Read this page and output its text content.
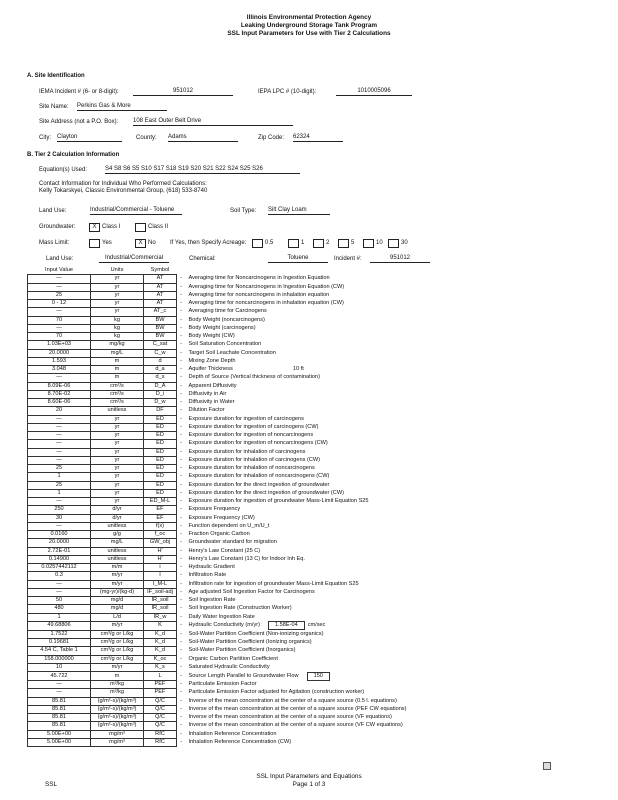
Illinois Environmental Protection Agency
Leaking Underground Storage Tank Program
SSL Input Parameters for Use with Tier 2 Calculations
A. Site Identification
IEMA Incident # (6- or 8-digit):	951012	IEPA LPC # (10-digit):	1010005096
Site Name: Perkins Gas & More
Site Address (not a P.O. Box): 108 East Outer Belt Drive
City: Clayton	County: Adams	Zip Code: 62324
B. Tier 2 Calculation Information
Equation(s) Used:	S4 S8 S6 S5 S10 S17 S18 S19 S20 S21 S22 S24 S25 S26
Contact Information for Individual Who Performed Calculations:
Kelly Tokarskyei, Classic Environmental Group, (618) 533-8740
Land Use:	Industrial/Commercial - Toluene	Soil Type: Silt Clay Loam
Groundwater:	X Class I	Class II
Mass Limit:	Yes	X No If Yes, then Specify Acreage:	0.5	1	2	5	10	30
Land Use:	Industrial/Commercial	Chemical:	Toluene	Incident #:	951012
Input Value	Units	Symbol		
—	yr	AT	-	Averaging time for Noncarcinogens in Ingestion Equation
—	yr	AT	-	Averaging time for Noncarcinogens in Ingestion Equation (CW)
25	yr	AT	-	Averaging time for noncarcinogens in inhalation equation
0 - 12	yr	AT	-	Averaging time for noncarcinogens in inhalation equation (CW)
—	yr	AT_c	-	Averaging time for Carcinogens
70	kg	BW	-	Body Weight (noncarcinogens)
—	kg	BW	-	Body Weight (carcinogens)
70	kg	BW	-	Body Weight (CW)
1.03E+03	mg/kg	C_sat	-	Soil Saturation Concentration
20.0000	mg/L	C_w	-	Target Soil Leachate Concentration
1.593	m	d	-	Mixing Zone Depth
3.048	m	d_a	-	Aquifer Thickness 10 ft
—	m	d_s	-	Depth of Source (Vertical thickness of contamination)
8.09E-06	cm²/s	D_A	-	Apparent Diffusivity
8.70E-02	cm²/s	D_i	-	Diffusivity in Air
8.60E-06	cm²/s	D_w	-	Diffusivity in Water
20	unitless	DF	-	Dilution Factor
—	yr	ED	-	Exposure duration for ingestion of carcinogens
—	yr	ED	-	Exposure duration for ingestion of carcinogens (CW)
—	yr	ED	-	Exposure duration for ingestion of noncarcinogens
—	yr	ED	-	Exposure duration for ingestion of noncarcinogens (CW)
—	yr	ED	-	Exposure duration for inhalation of carcinogens
—	yr	ED	-	Exposure duration for inhalation of carcinogens (CW)
25	yr	ED	-	Exposure duration for inhalation of noncarcinogens
1	yr	ED	-	Exposure duration for inhalation of noncarcinogens (CW)
25	yr	ED	-	Exposure duration for the direct ingestion of groundwater
1	yr	ED	-	Exposure duration for the direct ingestion of groundwater (CW)
—	yr	ED_M-L	-	Exposure duration for ingestion of groundwater Mass-Limit Equation S25
250	d/yr	EF	-	Exposure Frequency
30	d/yr	EF	-	Exposure Frequency (CW)
—	unitless	f(x)	-	Function dependent on U_m/U_t
0.0160	g/g	f_oc	-	Fraction Organic Carbon
20.0000	mg/L	GW_obj	-	Groundwater standard for migration
2.72E-01	unitless	H'	-	Henry's Law Constant (25 C)
0.14900	unitless	H'	-	Henry's Law Constant (13 C) for Indoor Inh Eq.
0.0257442112	m/m	i	-	Hydraulic Gradient
0.3	m/yr	I	-	Infiltration Rate
—	m/yr	I_M-L	-	Infiltration rate for ingestion of groundwater Mass-Limit Equation S25
—	(mg-yr)/(kg-d)	IF_soil-adj	-	Age adjusted Soil Ingestion Factor for Carcinogens
50	mg/d	IR_soil	-	Soil Ingestion Rate
480	mg/d	IR_soil	-	Soil Ingestion Rate (Construction Worker)
1	L/d	IR_w	-	Daily Water Ingestion Rate
49.68806	m/yr	K	-	Hydraulic Conductivity (m/yr) 1.58E-04 cm/sec
1.7522	cm³/g or L/kg	K_d	-	Soil-Water Partition Coefficient (Non-ionizing organics)
0.19681	cm³/g or L/kg	K_d	-	Soil-Water Partition Coefficient (Ionizing organics)
4.54 C, Table 1	cm³/g or L/kg	K_d	-	Soil-Water Partition Coefficient (Inorganics)
158.000000	cm³/g or L/kg	K_oc	-	Organic Carbon Partition Coefficient
10	m/yr	K_s	-	Saturated Hydraulic Conductivity
45.722	m	L	-	Source Length Parallel to Groundwater Flow 150
—	m³/kg	PEF	-	Particulate Emission Factor
—	m³/kg	PEF	-	Particulate Emission Factor adjusted for Agitation (construction worker)
85.81	(g/m²-s)/(kg/m³)	Q/C	-	Inverse of the mean concentration at the center of a square source (0.5 l. equations)
85.81	(g/m²-s)/(kg/m³)	Q/C	-	Inverse of the mean concentration at the center of a square source (PEF CW equations)
85.81	(g/m²-s)/(kg/m³)	Q/C	-	Inverse of the mean concentration at the center of a square source (VF equations)
85.81	(g/m²-s)/(kg/m³)	Q/C	-	Inverse of the mean concentration at the center of a square source (VF CW equations)
5.00E+00	mg/m³	RfC	-	Inhalation Reference Concentration
5.00E+00	mg/m³	RfC	-	Inhalation Reference Concentration (CW)
SSL
SSL Input Parameters and Equations
Page 1 of 3
